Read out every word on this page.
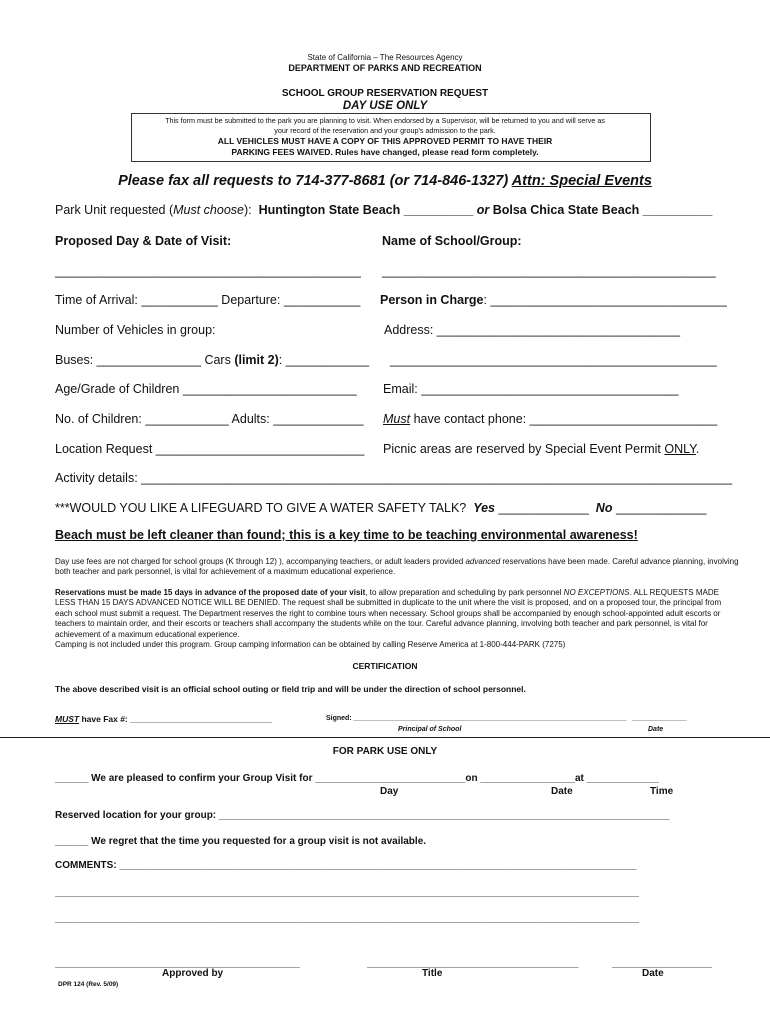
State of California – The Resources Agency
DEPARTMENT OF PARKS AND RECREATION
SCHOOL GROUP RESERVATION REQUEST
DAY USE ONLY
This form must be submitted to the park you are planning to visit. When endorsed by a Supervisor, will be returned to you and will serve as
your record of the reservation and your group's admission to the park.
ALL VEHICLES MUST HAVE A COPY OF THIS APPROVED PERMIT TO HAVE THEIR
PARKING FEES WAIVED. Rules have changed, please read form completely.
Please fax all requests to 714-377-8681 (or 714-846-1327) Attn: Special Events
Park Unit requested (Must choose): Huntington State Beach __________ or Bolsa Chica State Beach __________
Proposed Day & Date of Visit:	Name of School/Group:
____________________________________________ ________________________________________________
Time of Arrival: ___________ Departure: ___________ Person in Charge: __________________________________
Number of Vehicles in group:	Address: ___________________________________
Buses: _______________ Cars (limit 2): ____________ _______________________________________________
Age/Grade of Children _________________________ Email: _____________________________________
No. of Children: ____________ Adults: _____________ Must have contact phone: ___________________________
Location Request ______________________________ Picnic areas are reserved by Special Event Permit ONLY.
Activity details: _____________________________________________________________________________________
***WOULD YOU LIKE A LIFEGUARD TO GIVE A WATER SAFETY TALK? Yes _____________ No _____________
Beach must be left cleaner than found; this is a key time to be teaching environmental awareness!
Day use fees are not charged for school groups (K through 12) ), accompanying teachers, or adult leaders provided advanced reservations have been made. Careful advance planning, involving both teacher and park personnel, is vital for achievement of a maximum educational experience.
Reservations must be made 15 days in advance of the proposed date of your visit, to allow preparation and scheduling by park personnel NO EXCEPTIONS. ALL REQUESTS MADE LESS THAN 15 DAYS ADVANCED NOTICE WILL BE DENIED. The request shall be submitted in duplicate to the unit where the visit is proposed, and on a proposed tour, the principal from each school must submit a request. The Department reserves the right to combine tours when necessary. School groups shall be accompanied by enough school-appointed adult escorts or teachers to maintain order, and their escorts or teachers shall accompany the students while on the tour. Careful advance planning, involving both teacher and park personnel, is vital for achievement of a maximum educational experience.
Camping is not included under this program. Group camping information can be obtained by calling Reserve America at 1-800-444-PARK (7275)
CERTIFICATION
The above described visit is an official school outing or field trip and will be under the direction of school personnel.
MUST have Fax #: ______________________________	Signed: ______________________________________________________________________ ______________
Principal of School	Date
FOR PARK USE ONLY
______ We are pleased to confirm your Group Visit for ___________________________on _________________at _____________
Day	Date	Time
Reserved location for your group: _________________________________________________________________________________
______ We regret that the time you requested for a group visit is not available.
COMMENTS: _____________________________________________________________________________________________
_________________________________________________________________________________________________________
_________________________________________________________________________________________________________
____________________________________________	______________________________________	__________________
Approved by	Title	Date
DPR 124 (Rev. 5/09)
